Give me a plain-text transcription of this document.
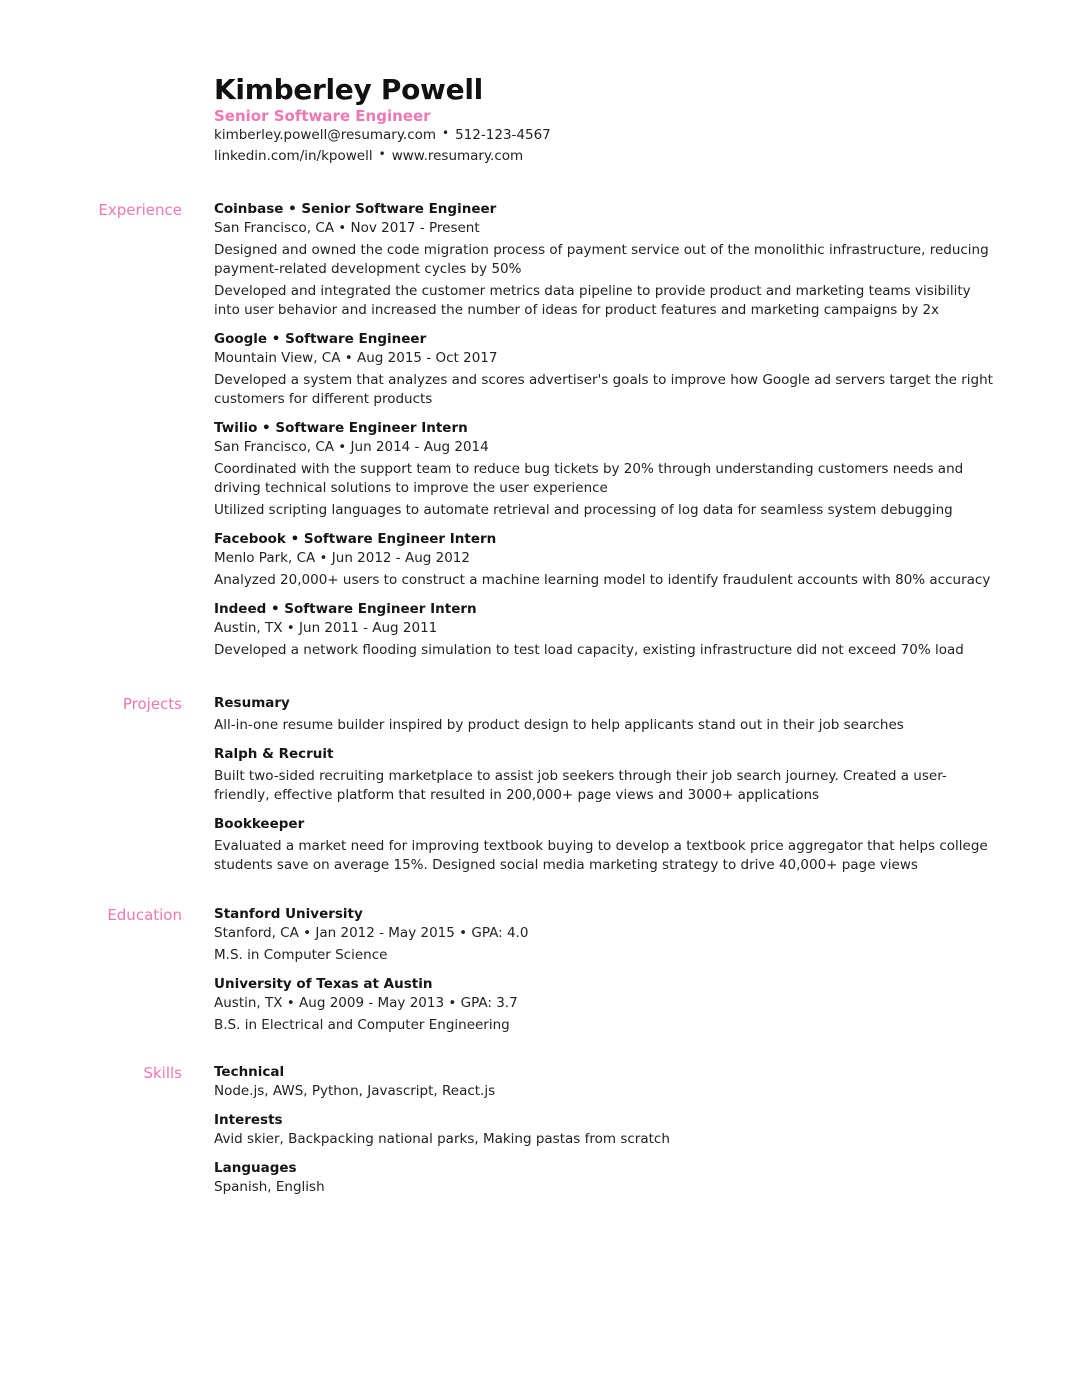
Kimberley Powell
Senior Software Engineer
kimberley.powell@resumary.com • 512-123-4567
linkedin.com/in/kpowell • www.resumary.com
Experience Coinbase • Senior Software Engineer
San Francisco, CA • Nov 2017 - Present
Designed and owned the code migration process of payment service out of the monolithic infrastructure, reducing payment-related development cycles by 50%
Developed and integrated the customer metrics data pipeline to provide product and marketing teams visibility into user behavior and increased the number of ideas for product features and marketing campaigns by 2x
Google • Software Engineer
Mountain View, CA • Aug 2015 - Oct 2017
Developed a system that analyzes and scores advertiser's goals to improve how Google ad servers target the right customers for different products
Twilio • Software Engineer Intern
San Francisco, CA • Jun 2014 - Aug 2014
Coordinated with the support team to reduce bug tickets by 20% through understanding customers needs and driving technical solutions to improve the user experience
Utilized scripting languages to automate retrieval and processing of log data for seamless system debugging
Facebook • Software Engineer Intern
Menlo Park, CA • Jun 2012 - Aug 2012
Analyzed 20,000+ users to construct a machine learning model to identify fraudulent accounts with 80% accuracy
Indeed • Software Engineer Intern
Austin, TX • Jun 2011 - Aug 2011
Developed a network flooding simulation to test load capacity, existing infrastructure did not exceed 70% load
Projects Resumary
All-in-one resume builder inspired by product design to help applicants stand out in their job searches
Ralph & Recruit
Built two-sided recruiting marketplace to assist job seekers through their job search journey. Created a user-friendly, effective platform that resulted in 200,000+ page views and 3000+ applications
Bookkeeper
Evaluated a market need for improving textbook buying to develop a textbook price aggregator that helps college students save on average 15%. Designed social media marketing strategy to drive 40,000+ page views
Education Stanford University
Stanford, CA • Jan 2012 - May 2015 • GPA: 4.0
M.S. in Computer Science
University of Texas at Austin
Austin, TX • Aug 2009 - May 2013 • GPA: 3.7
B.S. in Electrical and Computer Engineering
Skills Technical
Node.js, AWS, Python, Javascript, React.js
Interests
Avid skier, Backpacking national parks, Making pastas from scratch
Languages
Spanish, English
